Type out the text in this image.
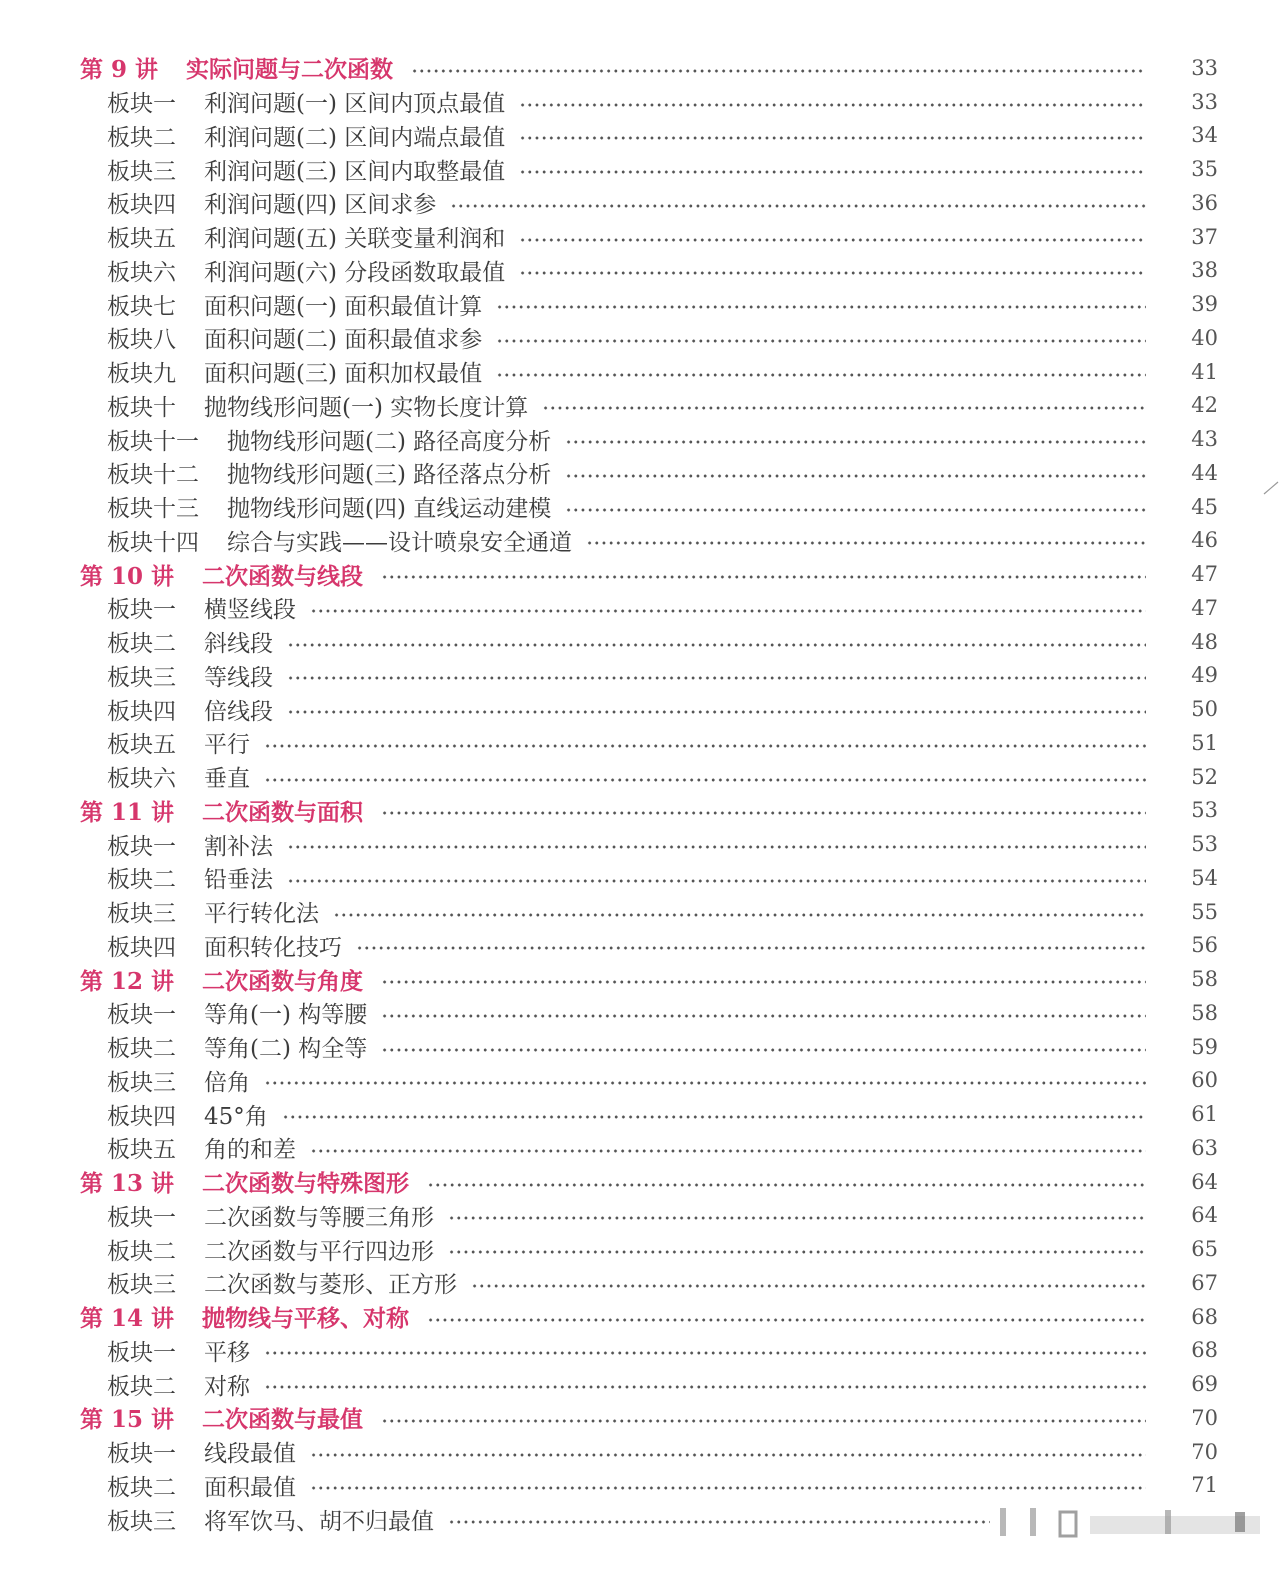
第 9 讲 实际问题与二次函数	33
板块一 利润问题(一) 区间内顶点最值	33
板块二 利润问题(二) 区间内端点最值	34
板块三 利润问题(三) 区间内取整最值	35
板块四 利润问题(四) 区间求参	36
板块五 利润问题(五) 关联变量利润和	37
板块六 利润问题(六) 分段函数取最值	38
板块七 面积问题(一) 面积最值计算	39
板块八 面积问题(二) 面积最值求参	40
板块九 面积问题(三) 面积加权最值	41
板块十 抛物线形问题(一) 实物长度计算	42
板块十一 抛物线形问题(二) 路径高度分析	43
板块十二 抛物线形问题(三) 路径落点分析	44
板块十三 抛物线形问题(四) 直线运动建模	45
板块十四 综合与实践——设计喷泉安全通道	46
第 10 讲 二次函数与线段	47
板块一 横竖线段	47
板块二 斜线段	48
板块三 等线段	49
板块四 倍线段	50
板块五 平行	51
板块六 垂直	52
第 11 讲 二次函数与面积	53
板块一 割补法	53
板块二 铅垂法	54
板块三 平行转化法	55
板块四 面积转化技巧	56
第 12 讲 二次函数与角度	58
板块一 等角(一) 构等腰	58
板块二 等角(二) 构全等	59
板块三 倍角	60
板块四 45°角	61
板块五 角的和差	63
第 13 讲 二次函数与特殊图形	64
板块一 二次函数与等腰三角形	64
板块二 二次函数与平行四边形	65
板块三 二次函数与菱形、正方形	67
第 14 讲 抛物线与平移、对称	68
板块一 平移	68
板块二 对称	69
第 15 讲 二次函数与最值	70
板块一 线段最值	70
板块二 面积最值	71
板块三 将军饮马、胡不归最值
